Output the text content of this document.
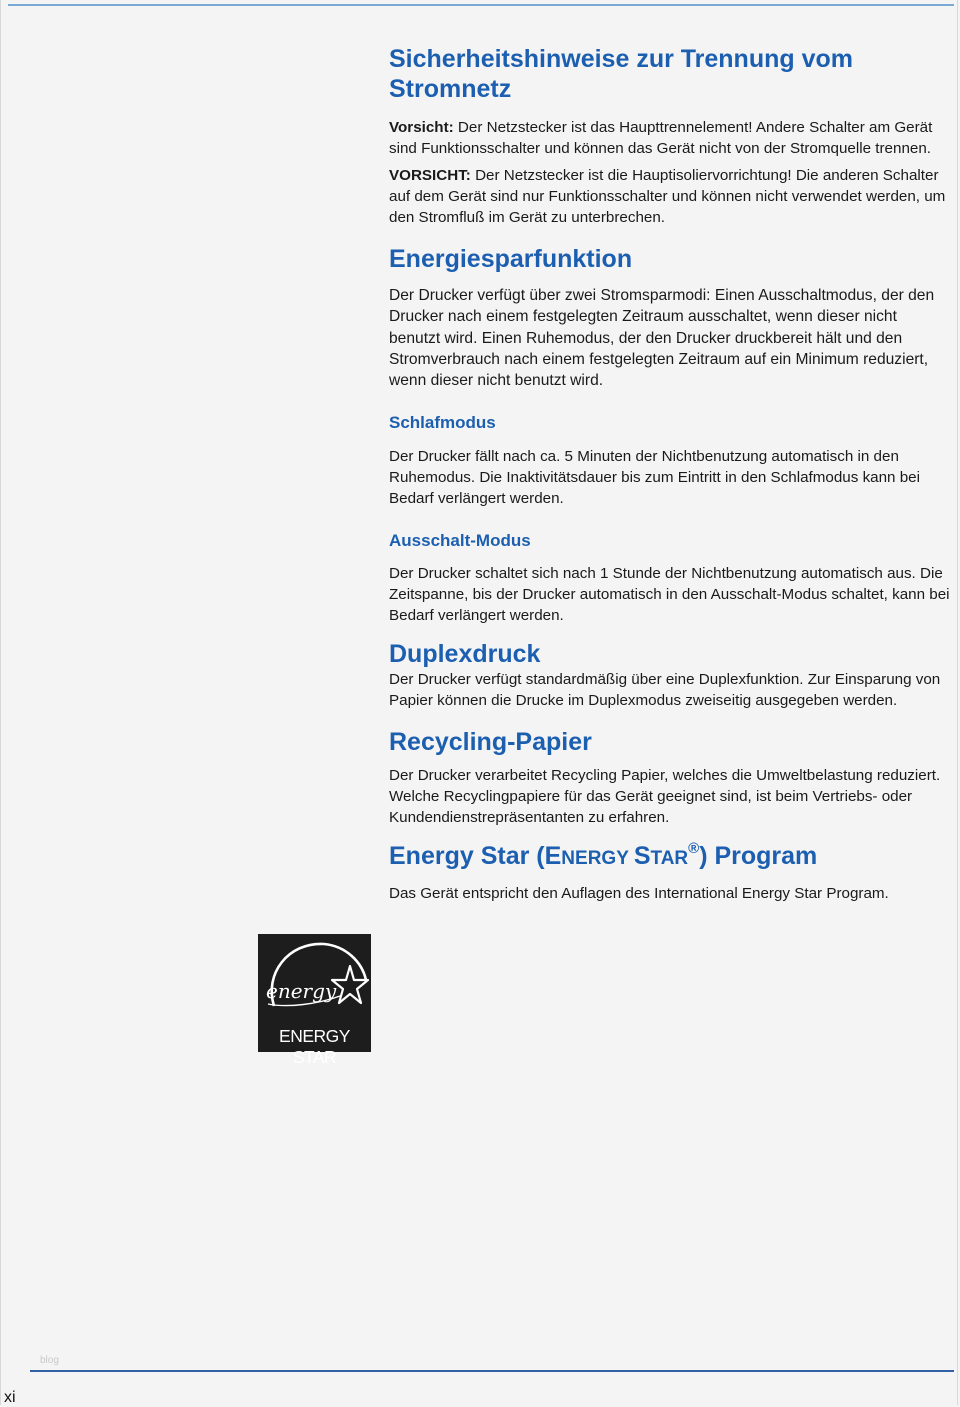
Sicherheitshinweise zur Trennung vom Stromnetz

Vorsicht: Der Netzstecker ist das Haupttrennelement! Andere Schalter am Gerät sind Funktionsschalter und können das Gerät nicht von der Stromquelle trennen.

VORSICHT: Der Netzstecker ist die Hauptisoliervorrichtung! Die anderen Schalter auf dem Gerät sind nur Funktionsschalter und können nicht verwendet werden, um den Stromfluß im Gerät zu unterbrechen.

Energiesparfunktion

Der Drucker verfügt über zwei Stromsparmodi: Einen Ausschaltmodus, der den Drucker nach einem festgelegten Zeitraum ausschaltet, wenn dieser nicht benutzt wird. Einen Ruhemodus, der den Drucker druckbereit hält und den Stromverbrauch nach einem festgelegten Zeitraum auf ein Minimum reduziert, wenn dieser nicht benutzt wird.

Schlafmodus

Der Drucker fällt nach ca. 5 Minuten der Nichtbenutzung automatisch in den Ruhemodus. Die Inaktivitätsdauer bis zum Eintritt in den Schlafmodus kann bei Bedarf verlängert werden.

Ausschalt-Modus

Der Drucker schaltet sich nach 1 Stunde der Nichtbenutzung automatisch aus. Die Zeitspanne, bis der Drucker automatisch in den Ausschalt-Modus schaltet, kann bei Bedarf verlängert werden.

Duplexdruck

Der Drucker verfügt standardmäßig über eine Duplexfunktion. Zur Einsparung von Papier können die Drucke im Duplexmodus zweiseitig ausgegeben werden.

Recycling-Papier

Der Drucker verarbeitet Recycling Papier, welches die Umweltbelastung reduziert. Welche Recyclingpapiere für das Gerät geeignet sind, ist beim Vertriebs- oder Kundendienstrepräsentanten zu erfahren.

Energy Star (ENERGY STAR®) Program

Das Gerät entspricht den Auflagen des International Energy Star Program.

energy
ENERGY STAR
blog
xi
